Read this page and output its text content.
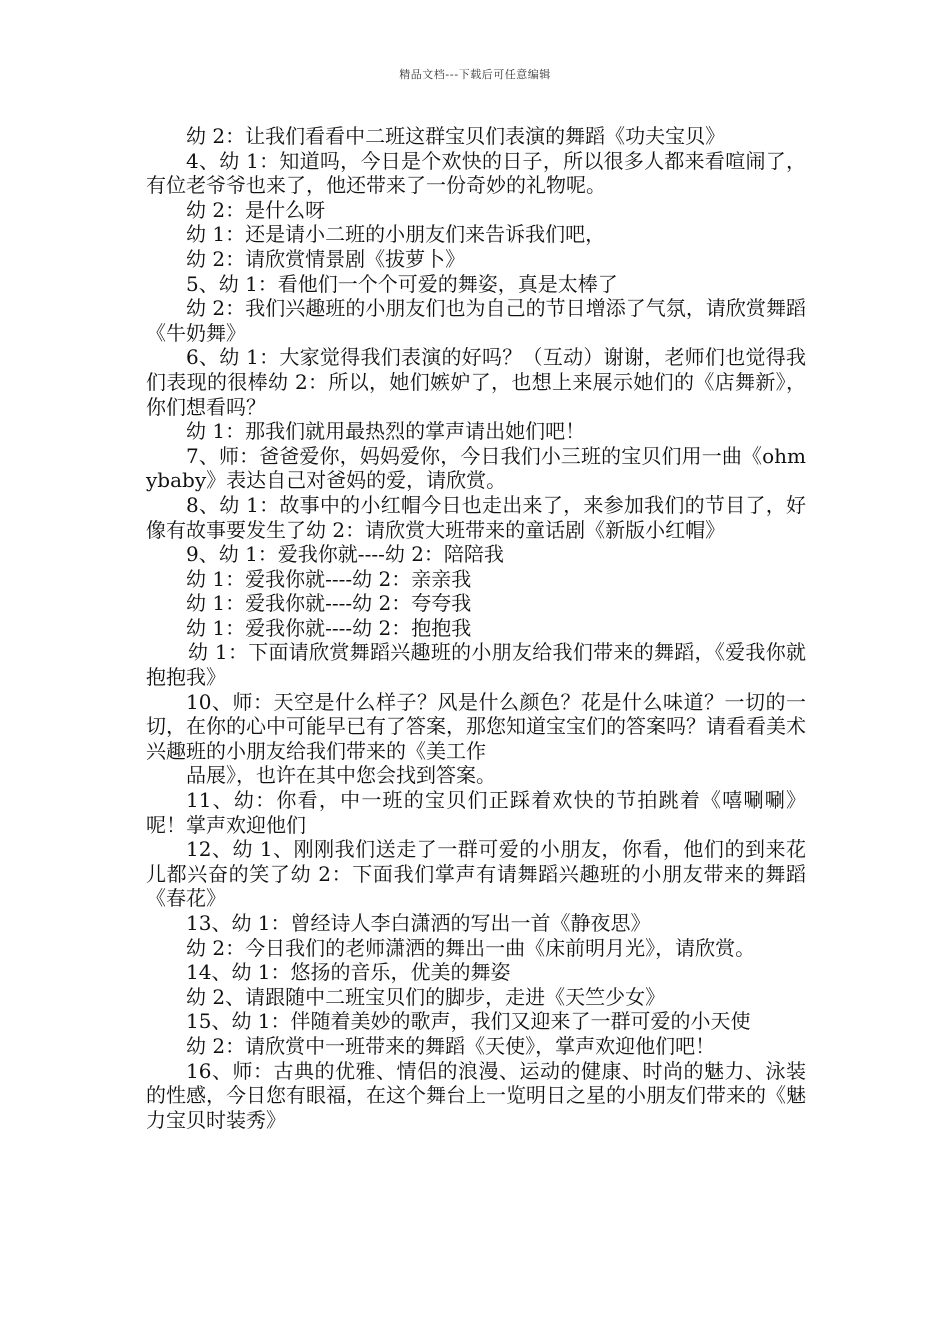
精品文档---下载后可任意编辑

幼 2：让我们看看中二班这群宝贝们表演的舞蹈《功夫宝贝》

4、幼 1：知道吗，今日是个欢快的日子，所以很多人都来看喧闹了，有位老爷爷也来了，他还带来了一份奇妙的礼物呢。

幼 2：是什么呀

幼 1：还是请小二班的小朋友们来告诉我们吧，

幼 2：请欣赏情景剧《拔萝卜》

5、幼 1：看他们一个个可爱的舞姿，真是太棒了

幼 2：我们兴趣班的小朋友们也为自己的节日增添了气氛，请欣赏舞蹈《牛奶舞》

6、幼 1：大家觉得我们表演的好吗？（互动）谢谢，老师们也觉得我们表现的很棒幼 2：所以，她们嫉妒了，也想上来展示她们的《店舞新》，你们想看吗？

幼 1：那我们就用最热烈的掌声请出她们吧！

7、师：爸爸爱你，妈妈爱你，今日我们小三班的宝贝们用一曲《ohmybaby》表达自己对爸妈的爱，请欣赏。

8、幼 1：故事中的小红帽今日也走出来了，来参加我们的节目了，好像有故事要发生了幼 2：请欣赏大班带来的童话剧《新版小红帽》

9、幼 1：爱我你就----幼 2：陪陪我

幼 1：爱我你就----幼 2：亲亲我

幼 1：爱我你就----幼 2：夸夸我

幼 1：爱我你就----幼 2：抱抱我

幼 1：下面请欣赏舞蹈兴趣班的小朋友给我们带来的舞蹈，《爱我你就抱抱我》

10、师：天空是什么样子？风是什么颜色？花是什么味道？一切的一切，在你的心中可能早已有了答案，那您知道宝宝们的答案吗？请看看美术兴趣班的小朋友给我们带来的《美工作

品展》，也许在其中您会找到答案。

11、幼：你看，中一班的宝贝们正踩着欢快的节拍跳着《嘻唰唰》呢！掌声欢迎他们

12、幼 1、刚刚我们送走了一群可爱的小朋友，你看，他们的到来花儿都兴奋的笑了幼 2：下面我们掌声有请舞蹈兴趣班的小朋友带来的舞蹈《春花》

13、幼 1：曾经诗人李白潇洒的写出一首《静夜思》

幼 2：今日我们的老师潇洒的舞出一曲《床前明月光》，请欣赏。

14、幼 1：悠扬的音乐，优美的舞姿

幼 2、请跟随中二班宝贝们的脚步，走进《天竺少女》

15、幼 1：伴随着美妙的歌声，我们又迎来了一群可爱的小天使

幼 2：请欣赏中一班带来的舞蹈《天使》，掌声欢迎他们吧！

16、师：古典的优雅、情侣的浪漫、运动的健康、时尚的魅力、泳装的性感，今日您有眼福，在这个舞台上一览明日之星的小朋友们带来的《魅力宝贝时装秀》
